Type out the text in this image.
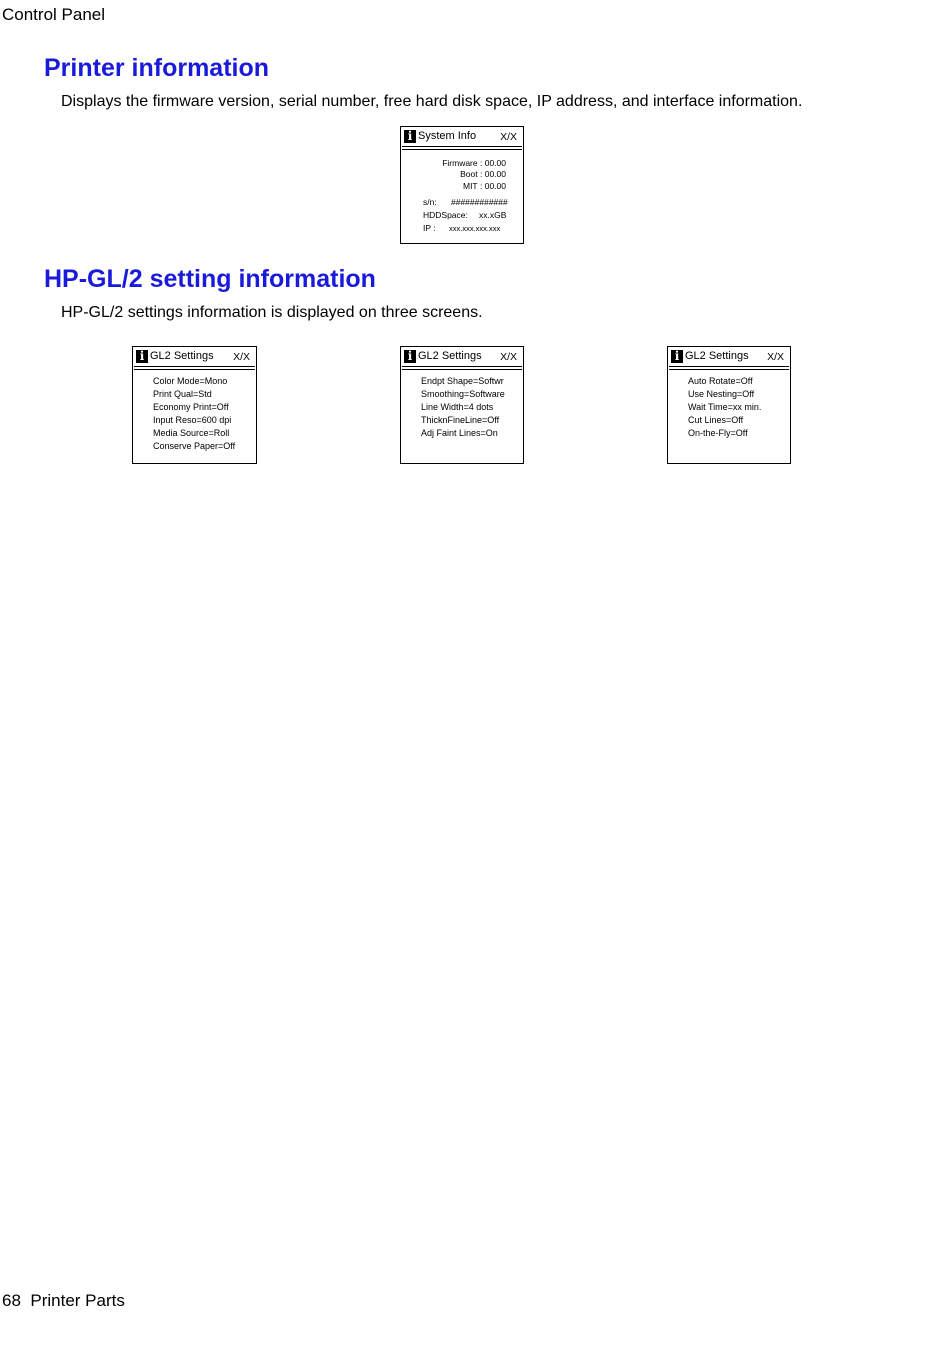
Control Panel
Printer information

Displays the firmware version, serial number, free hard disk space, IP address, and interface information.

i System Info X/X
Firmware : 00.00
Boot : 00.00
MIT : 00.00
s/n: ############
HDDSpace: xx.xGB
IP : xxx.xxx.xxx.xxx
HP-GL/2 setting information

HP-GL/2 settings information is displayed on three screens.

i GL2 Settings X/X
Color Mode=Mono
Print Qual=Std
Economy Print=Off
Input Reso=600 dpi
Media Source=Roll
Conserve Paper=Off
i GL2 Settings X/X
Endpt Shape=Softwr
Smoothing=Software
Line Width=4 dots
ThicknFineLine=Off
Adj Faint Lines=On
i GL2 Settings X/X
Auto Rotate=Off
Use Nesting=Off
Wait Time=xx min.
Cut Lines=Off
On-the-Fly=Off
68 Printer Parts
